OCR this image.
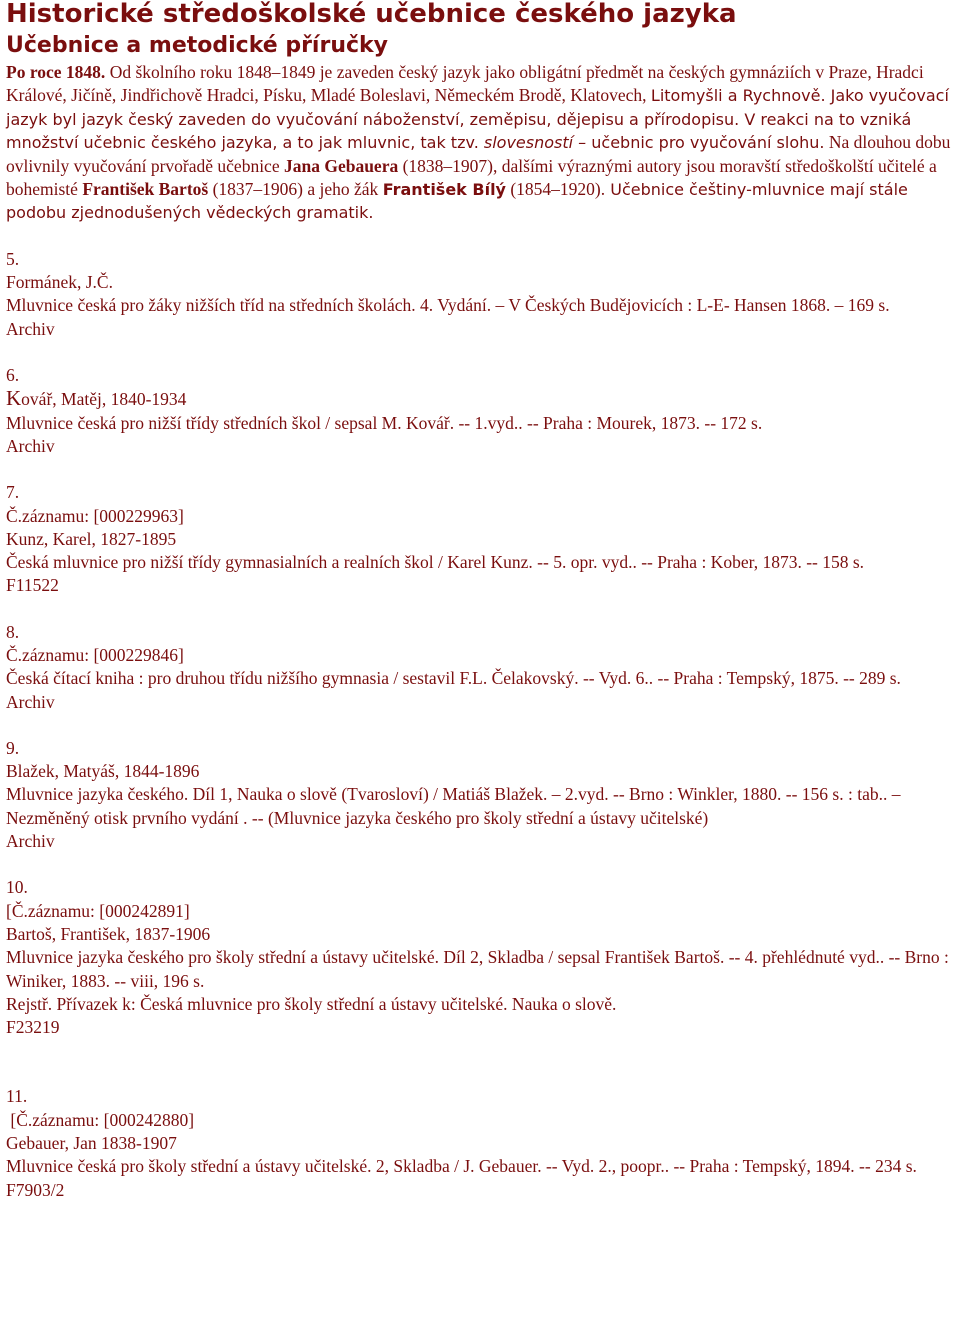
Historické středoškolské učebnice českého jazyka
Učebnice a metodické příručky

Po roce 1848. Od školního roku 1848–1849 je zaveden český jazyk jako obligátní předmět na českých gymnáziích v Praze, Hradci Králové, Jičíně, Jindřichově Hradci, Písku, Mladé Boleslavi, Německém Brodě, Klatovech, Litomyšli a Rychnově. Jako vyučovací jazyk byl jazyk český zaveden do vyučování náboženství, zeměpisu, dějepisu a přírodopisu. V reakci na to vzniká množství učebnic českého jazyka, a to jak mluvnic, tak tzv. slovesností – učebnic pro vyučování slohu. Na dlouhou dobu ovlivnily vyučování prvořadě učebnice Jana Gebauera (1838–1907), dalšími výraznými autory jsou moravští středoškolští učitelé a bohemisté František Bartoš (1837–1906) a jeho žák František Bílý (1854–1920). Učebnice češtiny-mluvnice mají stále podobu zjednodušených vědeckých gramatik.

5.
Formánek, J.Č.
Mluvnice česká pro žáky nižších tříd na středních školách. 4. Vydání. – V Českých Budějovicích : L-E- Hansen 1868. – 169 s.
Archiv
6.
Kovář, Matěj, 1840-1934
Mluvnice česká pro nižší třídy středních škol / sepsal M. Kovář. -- 1.vyd.. -- Praha : Mourek, 1873. -- 172 s.
Archiv
7.
Č.záznamu: [000229963]
Kunz, Karel, 1827-1895
Česká mluvnice pro nižší třídy gymnasialních a realních škol / Karel Kunz. -- 5. opr. vyd.. -- Praha : Kober, 1873. -- 158 s.
F11522
8.
Č.záznamu: [000229846]
Česká čítací kniha : pro druhou třídu nižšího gymnasia / sestavil F.L. Čelakovský. -- Vyd. 6.. -- Praha : Tempský, 1875. -- 289 s.
Archiv
9.
Blažek, Matyáš, 1844-1896
Mluvnice jazyka českého. Díl 1, Nauka o slově (Tvarosloví) / Matiáš Blažek. – 2.vyd. -- Brno : Winkler, 1880. -- 156 s. : tab.. – Nezměněný otisk prvního vydání . -- (Mluvnice jazyka českého pro školy střední a ústavy učitelské)
Archiv
10.
[Č.záznamu: [000242891]
Bartoš, František, 1837-1906
Mluvnice jazyka českého pro školy střední a ústavy učitelské. Díl 2, Skladba / sepsal František Bartoš. -- 4. přehlédnuté vyd.. -- Brno : Winiker, 1883. -- viii, 196 s.
Rejstř. Přívazek k: Česká mluvnice pro školy střední a ústavy učitelské. Nauka o slově.
F23219
11.
[Č.záznamu: [000242880]
Gebauer, Jan 1838-1907
Mluvnice česká pro školy střední a ústavy učitelské. 2, Skladba / J. Gebauer. -- Vyd. 2., poopr.. -- Praha : Tempský, 1894. -- 234 s.
F7903/2
